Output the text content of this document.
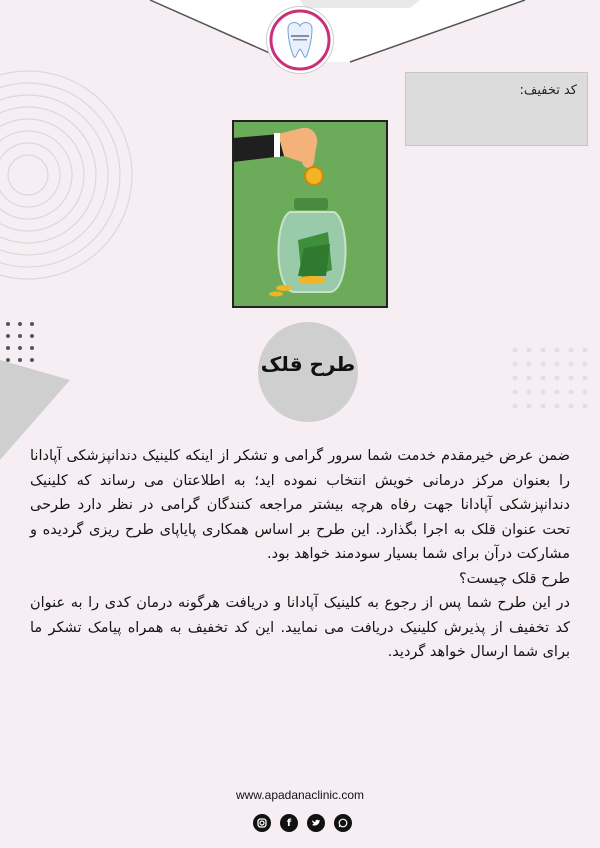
کد تخفیف:
طرح قلک

ضمن عرض خیرمقدم خدمت شما سرور گرامی و تشکر از اینکه کلینیک دندانپزشکی آپادانا را بعنوان مرکز درمانی خویش انتخاب نموده اید؛ به اطلاعتان می رساند که کلینیک دندانپزشکی آپادانا جهت رفاه هرچه بیشتر مراجعه کنندگان گرامی در نظر دارد طرحی تحت عنوان قلک به اجرا بگذارد. این طرح بر اساس همکاری پایاپای طرح ریزی گردیده و مشارکت درآن برای شما بسیار سودمند خواهد بود.

طرح قلک چیست؟

در این طرح شما پس از رجوع به کلینیک آپادانا و دریافت هرگونه درمان کدی را به عنوان کد تخفیف از پذیرش کلینیک دریافت می نمایید. این کد تخفیف به همراه پیامک تشکر ما برای شما ارسال خواهد گردید.

www.apadanaclinic.com
f
